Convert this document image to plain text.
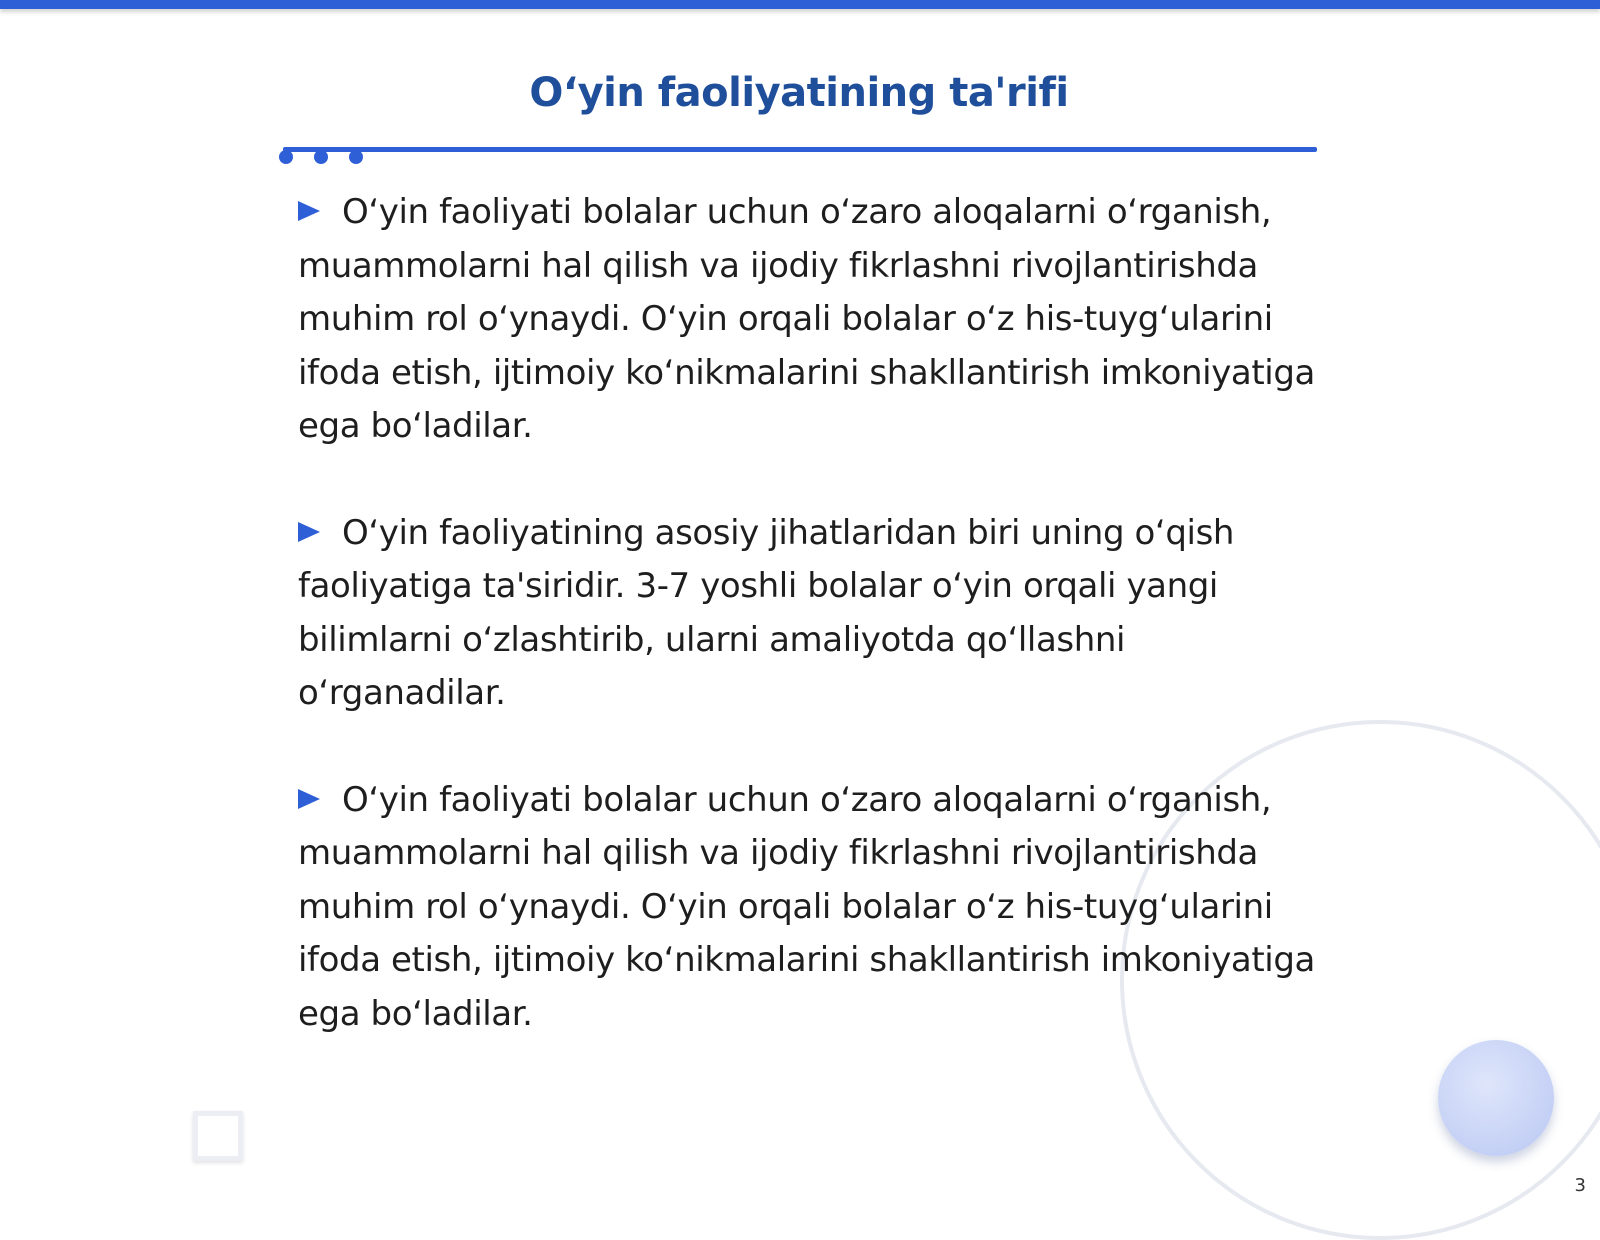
O‘yin faoliyatining ta'rifi

O‘yin faoliyati bolalar uchun o‘zaro aloqalarni o‘rganish, muammolarni hal qilish va ijodiy fikrlashni rivojlantirishda muhim rol o‘ynaydi. O‘yin orqali bolalar o‘z his-tuyg‘ularini ifoda etish, ijtimoiy ko‘nikmalarini shakllantirish imkoniyatiga ega bo‘ladilar.

O‘yin faoliyatining asosiy jihatlaridan biri uning o‘qish faoliyatiga ta'siridir. 3-7 yoshli bolalar o‘yin orqali yangi bilimlarni o‘zlashtirib, ularni amaliyotda qo‘llashni o‘rganadilar.

O‘yin faoliyati bolalar uchun o‘zaro aloqalarni o‘rganish, muammolarni hal qilish va ijodiy fikrlashni rivojlantirishda muhim rol o‘ynaydi. O‘yin orqali bolalar o‘z his-tuyg‘ularini ifoda etish, ijtimoiy ko‘nikmalarini shakllantirish imkoniyatiga ega bo‘ladilar.

3
